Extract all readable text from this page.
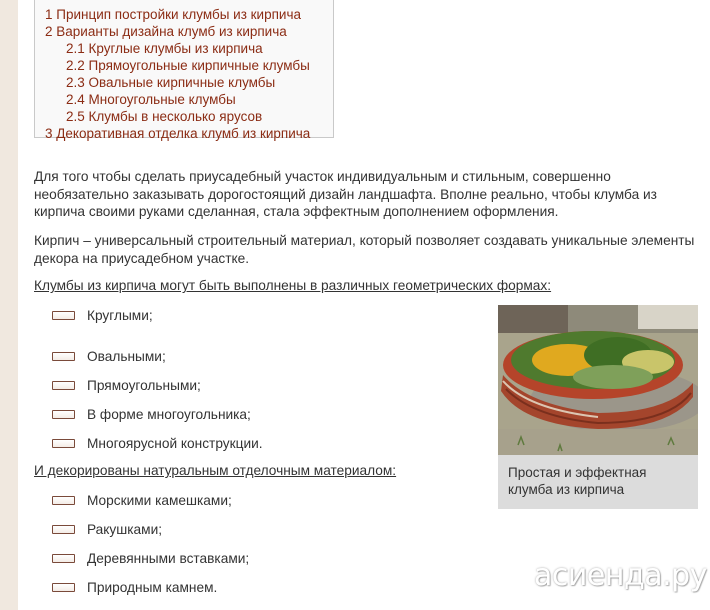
1 Принцип постройки клумбы из кирпича
2 Варианты дизайна клумб из кирпича
2.1 Круглые клумбы из кирпича
2.2 Прямоугольные кирпичные клумбы
2.3 Овальные кирпичные клумбы
2.4 Многоугольные клумбы
2.5 Клумбы в несколько ярусов
3 Декоративная отделка клумб из кирпича

Для того чтобы сделать приусадебный участок индивидуальным и стильным, совершенно необязательно заказывать дорогостоящий дизайн ландшафта. Вполне реально, чтобы клумба из кирпича своими руками сделанная, стала эффектным дополнением оформления.

Кирпич – универсальный строительный материал, который позволяет создавать уникальные элементы декора на приусадебном участке.

Клумбы из кирпича могут быть выполнены в различных геометрических формах:

Круглыми;
Овальными;
Прямоугольными;
В форме многоугольника;
Многоярусной конструкции.

И декорированы натуральным отделочным материалом:

Морскими камешками;
Ракушками;
Деревянными вставками;
Природным камнем.
Простая и эффектная клумба из кирпича
асиенда.ру
